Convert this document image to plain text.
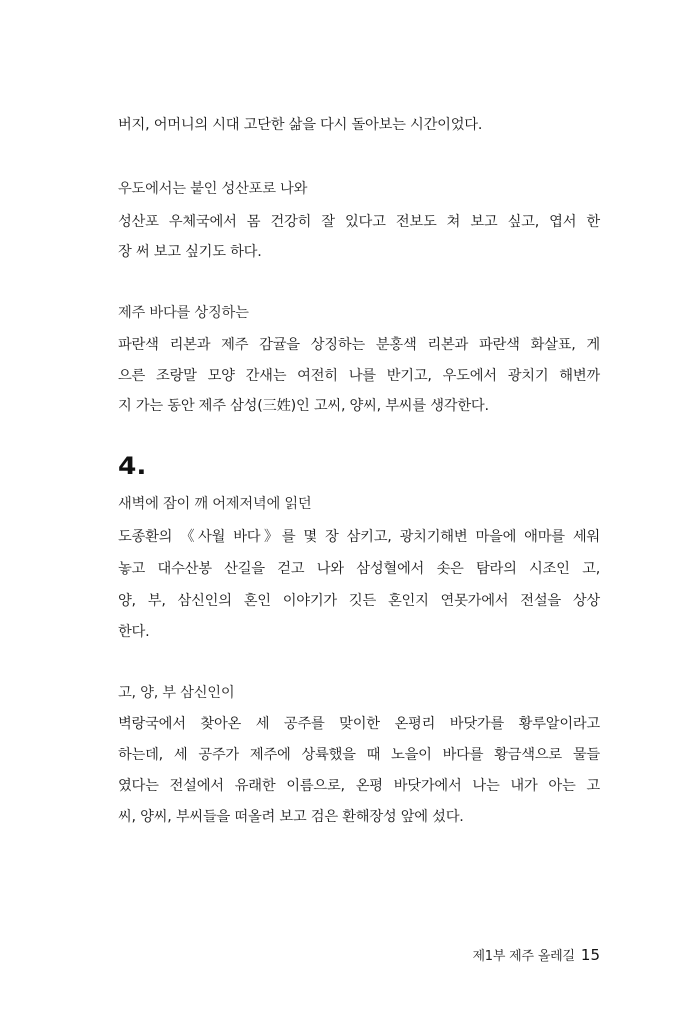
버지, 어머니의 시대 고단한 삶을 다시 돌아보는 시간이었다.
우도에서는 붙인 성산포로 나와
성산포 우체국에서 몸 건강히 잘 있다고 전보도 쳐 보고 싶고, 엽서 한
장 써 보고 싶기도 하다.
제주 바다를 상징하는
파란색 리본과 제주 감귤을 상징하는 분홍색 리본과 파란색 화살표, 게
으른 조랑말 모양 간새는 여전히 나를 반기고, 우도에서 광치기 해변까
지 가는 동안 제주 삼성(三姓)인 고씨, 양씨, 부씨를 생각한다.
4.
새벽에 잠이 깨 어제저녁에 읽던
도종환의 《사월 바다》를 몇 장 삼키고, 광치기해변 마을에 애마를 세워
놓고 대수산봉 산길을 걷고 나와 삼성혈에서 솟은 탐라의 시조인 고,
양, 부, 삼신인의 혼인 이야기가 깃든 혼인지 연못가에서 전설을 상상
한다.
고, 양, 부 삼신인이
벽랑국에서 찾아온 세 공주를 맞이한 온평리 바닷가를 황루알이라고
하는데, 세 공주가 제주에 상륙했을 때 노을이 바다를 황금색으로 물들
였다는 전설에서 유래한 이름으로, 온평 바닷가에서 나는 내가 아는 고
씨, 양씨, 부씨들을 떠올려 보고 검은 환해장성 앞에 섰다.
제1부 제주 올레길 15
